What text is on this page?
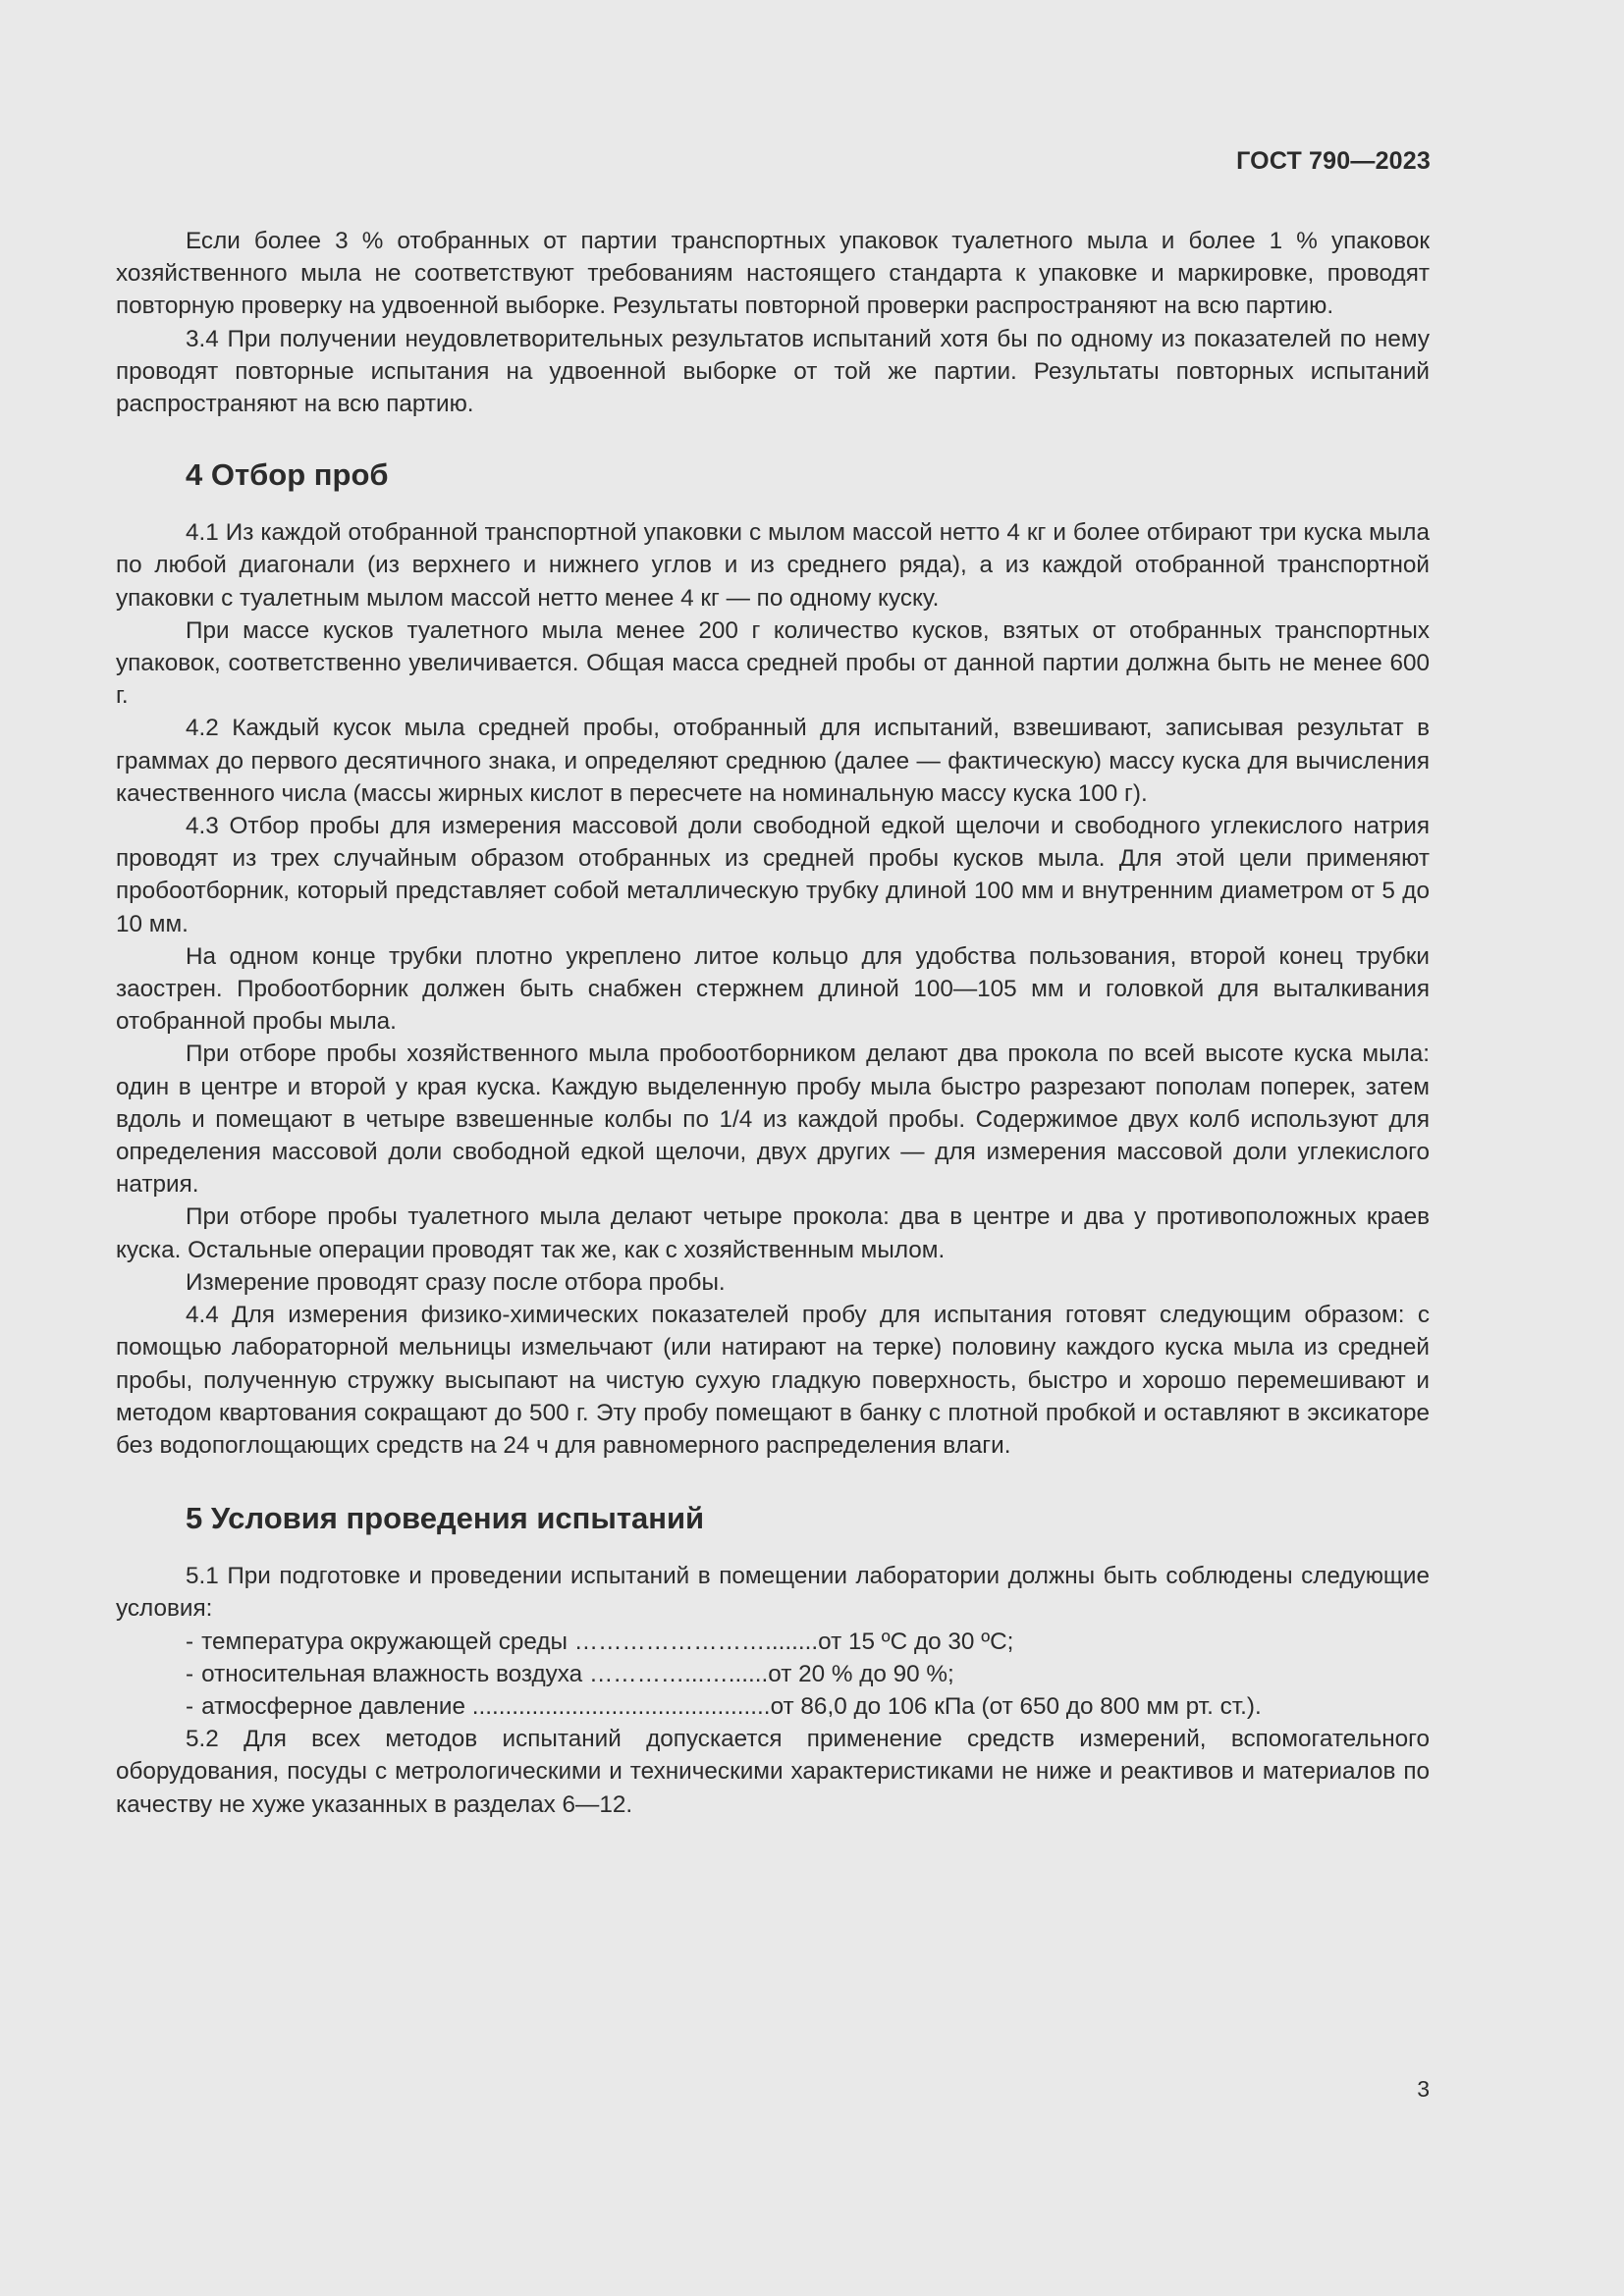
ГОСТ 790—2023

Если более 3 % отобранных от партии транспортных упаковок туалетного мыла и более 1 % упаковок хозяйственного мыла не соответствуют требованиям настоящего стандарта к упаковке и маркировке, проводят повторную проверку на удвоенной выборке. Результаты повторной проверки распространяют на всю партию.

3.4 При получении неудовлетворительных результатов испытаний хотя бы по одному из показателей по нему проводят повторные испытания на удвоенной выборке от той же партии. Результаты повторных испытаний распространяют на всю партию.

4 Отбор проб

4.1 Из каждой отобранной транспортной упаковки с мылом массой нетто 4 кг и более отбирают три куска мыла по любой диагонали (из верхнего и нижнего углов и из среднего ряда), а из каждой отобранной транспортной упаковки с туалетным мылом массой нетто менее 4 кг — по одному куску.

При массе кусков туалетного мыла менее 200 г количество кусков, взятых от отобранных транспортных упаковок, соответственно увеличивается. Общая масса средней пробы от данной партии должна быть не менее 600 г.

4.2 Каждый кусок мыла средней пробы, отобранный для испытаний, взвешивают, записывая результат в граммах до первого десятичного знака, и определяют среднюю (далее — фактическую) массу куска для вычисления качественного числа (массы жирных кислот в пересчете на номинальную массу куска 100 г).

4.3 Отбор пробы для измерения массовой доли свободной едкой щелочи и свободного углекислого натрия проводят из трех случайным образом отобранных из средней пробы кусков мыла. Для этой цели применяют пробоотборник, который представляет собой металлическую трубку длиной 100 мм и внутренним диаметром от 5 до 10 мм.

На одном конце трубки плотно укреплено литое кольцо для удобства пользования, второй конец трубки заострен. Пробоотборник должен быть снабжен стержнем длиной 100—105 мм и головкой для выталкивания отобранной пробы мыла.

При отборе пробы хозяйственного мыла пробоотборником делают два прокола по всей высоте куска мыла: один в центре и второй у края куска. Каждую выделенную пробу мыла быстро разрезают пополам поперек, затем вдоль и помещают в четыре взвешенные колбы по 1/4 из каждой пробы. Содержимое двух колб используют для определения массовой доли свободной едкой щелочи, двух других — для измерения массовой доли углекислого натрия.

При отборе пробы туалетного мыла делают четыре прокола: два в центре и два у противоположных краев куска. Остальные операции проводят так же, как с хозяйственным мылом.

Измерение проводят сразу после отбора пробы.

4.4 Для измерения физико-химических показателей пробу для испытания готовят следующим образом: с помощью лабораторной мельницы измельчают (или натирают на терке) половину каждого куска мыла из средней пробы, полученную стружку высыпают на чистую сухую гладкую поверхность, быстро и хорошо перемешивают и методом квартования сокращают до 500 г. Эту пробу помещают в банку с плотной пробкой и оставляют в эксикаторе без водопоглощающих средств на 24 ч для равномерного распределения влаги.

5 Условия проведения испытаний

5.1 При подготовке и проведении испытаний в помещении лаборатории должны быть соблюдены следующие условия:

- температура окружающей среды ……………………........от 15 ºС до 30 ºС;
- относительная влажность воздуха …………...…......от 20 % до 90 %;
- атмосферное давление .............................................от 86,0 до 106 кПа (от 650 до 800 мм рт. ст.).

5.2 Для всех методов испытаний допускается применение средств измерений, вспомогательного оборудования, посуды с метрологическими и техническими характеристиками не ниже и реактивов и материалов по качеству не хуже указанных в разделах 6—12.

3
